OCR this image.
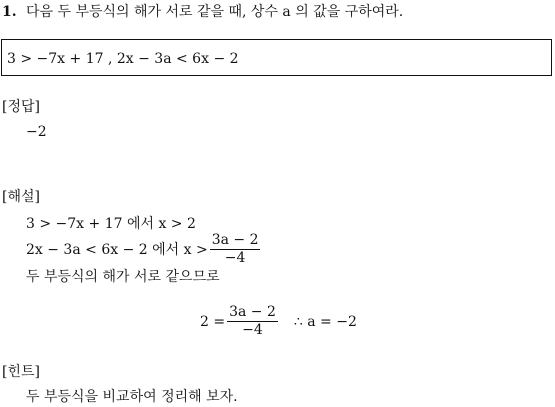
1. 다음 두 부등식의 해가 서로 같을 때, 상수 a 의 값을 구하여라.
3 > −7x + 17 , 2x − 3a < 6x − 2
[정답]
−2
[해설]
3 > −7x + 17 에서 x > 2
2x − 3a < 6x − 2 에서 $x > \frac{3a - 2}{-4}$
두 부등식의 해가 서로 같으므로
$2 = \frac{3a - 2}{-4}$ ∴ a = −2
[힌트]
두 부등식을 비교하여 정리해 보자.
